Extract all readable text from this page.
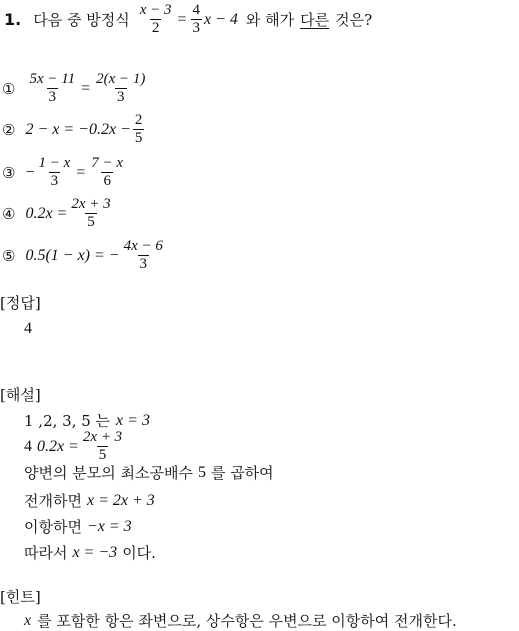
1. 다음 중 방정식 $\frac{x - 3}{2} = \frac{4}{3}$ x − 4 와 해가 다른 것은?
① $\frac{5x - 11}{3} = \frac{2(x - 1)}{3}$
② $2 - x = -0.2x - \frac{2}{5}$
③ − $\frac{1 - x}{3} = \frac{7 - x}{6}$
④ $0.2x = \frac{2x + 3}{5}$
⑤ 0.5(1 − x) = − $\frac{4x - 6}{3}$
[정답]
4
[해설]
1 ,2, 3, 5 는 x = 3
4 $0.2x = \frac{2x + 3}{5}$
양변의 분모의 최소공배수 5 를 곱하여
전개하면 x = 2x + 3
이항하면 −x = 3
따라서 x = −3 이다.
[힌트]
x 를 포함한 항은 좌변으로, 상수항은 우변으로 이항하여 전개한다.
